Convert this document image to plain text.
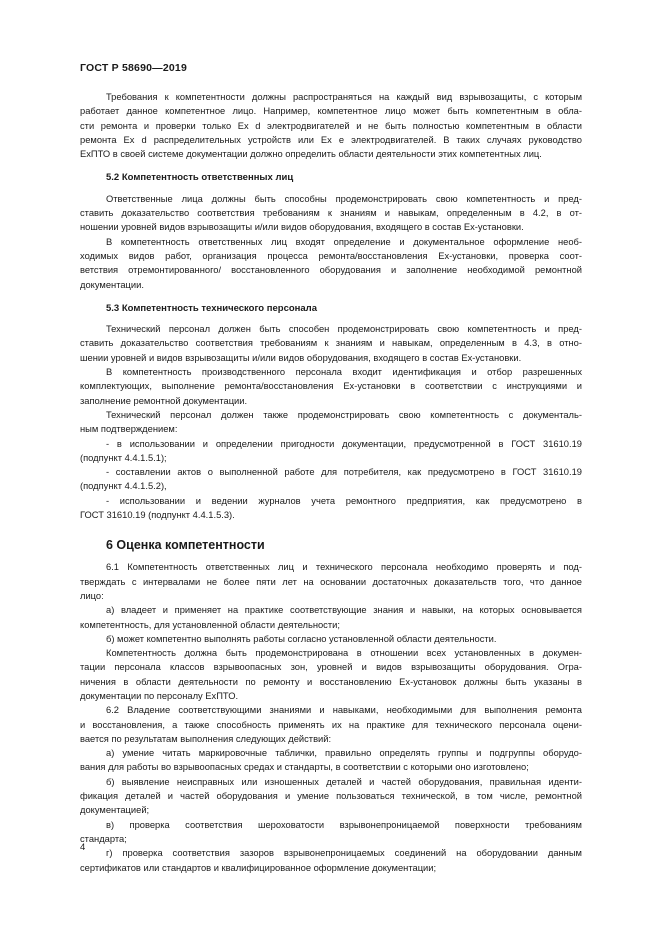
ГОСТ Р 58690—2019
Требования к компетентности должны распространяться на каждый вид взрывозащиты, с которым
работает данное компетентное лицо. Например, компетентное лицо может быть компетентным в обла-
сти ремонта и проверки только Ex d электродвигателей и не быть полностью компетентным в области
ремонта Ex d распределительных устройств или Ex e электродвигателей. В таких случаях руководство
ЕхПТО в своей системе документации должно определить области деятельности этих компетентных лиц.
5.2 Компетентность ответственных лиц
Ответственные лица должны быть способны продемонстрировать свою компетентность и пред-
ставить доказательство соответствия требованиям к знаниям и навыкам, определенным в 4.2, в от-
ношении уровней видов взрывозащиты и/или видов оборудования, входящего в состав Ех-установки.
В компетентность ответственных лиц входят определение и документальное оформление необ-
ходимых видов работ, организация процесса ремонта/восстановления Ех-установки, проверка соот-
ветствия отремонтированного/ восстановленного оборудования и заполнение необходимой ремонтной
документации.
5.3 Компетентность технического персонала
Технический персонал должен быть способен продемонстрировать свою компетентность и пред-
ставить доказательство соответствия требованиям к знаниям и навыкам, определенным в 4.3, в отно-
шении уровней и видов взрывозащиты и/или видов оборудования, входящего в состав Ех-установки.
В компетентность производственного персонала входит идентификация и отбор разрешенных
комплектующих, выполнение ремонта/восстановления Ех-установки в соответствии с инструкциями и
заполнение ремонтной документации.
Технический персонал должен также продемонстрировать свою компетентность с документаль-
ным подтверждением:
- в использовании и определении пригодности документации, предусмотренной в ГОСТ 31610.19
(подпункт 4.4.1.5.1);
- составлении актов о выполненной работе для потребителя, как предусмотрено в ГОСТ 31610.19
(подпункт 4.4.1.5.2),
- использовании и ведении журналов учета ремонтного предприятия, как предусмотрено в
ГОСТ 31610.19 (подпункт 4.4.1.5.3).
6 Оценка компетентности
6.1 Компетентность ответственных лиц и технического персонала необходимо проверять и под-
тверждать с интервалами не более пяти лет на основании достаточных доказательств того, что данное
лицо:
а) владеет и применяет на практике соответствующие знания и навыки, на которых основывается
компетентность, для установленной области деятельности;
б) может компетентно выполнять работы согласно установленной области деятельности.
Компетентность должна быть продемонстрирована в отношении всех установленных в докумен-
тации персонала классов взрывоопасных зон, уровней и видов взрывозащиты оборудования. Огра-
ничения в области деятельности по ремонту и восстановлению Ех-установок должны быть указаны в
документации по персоналу ЕхПТО.
6.2 Владение соответствующими знаниями и навыками, необходимыми для выполнения ремонта
и восстановления, а также способность применять их на практике для технического персонала оцени-
вается по результатам выполнения следующих действий:
а) умение читать маркировочные таблички, правильно определять группы и подгруппы оборудо-
вания для работы во взрывоопасных средах и стандарты, в соответствии с которыми оно изготовлено;
б) выявление неисправных или изношенных деталей и частей оборудования, правильная иденти-
фикация деталей и частей оборудования и умение пользоваться технической, в том числе, ремонтной
документацией;
в) проверка соответствия шероховатости взрывонепроницаемой поверхности требованиям
стандарта;
г) проверка соответствия зазоров взрывонепроницаемых соединений на оборудовании данным
сертификатов или стандартов и квалифицированное оформление документации;
4
